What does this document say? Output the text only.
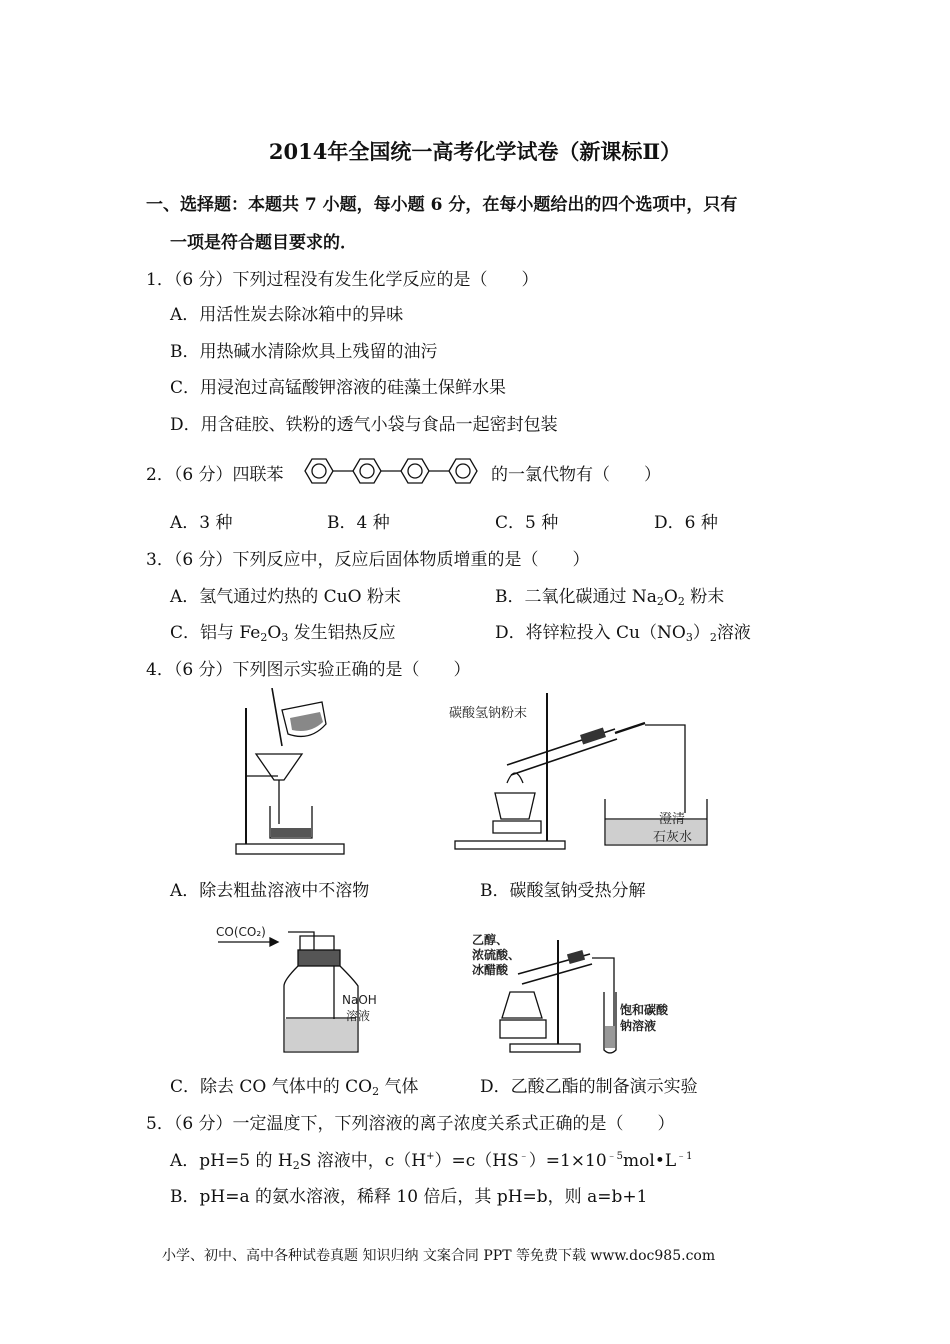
2014年全国统一高考化学试卷（新课标Ⅱ）
一、选择题：本题共 7 小题，每小题 6 分，在每小题给出的四个选项中，只有
一项是符合题目要求的．
1．（6 分）下列过程没有发生化学反应的是（　　）
A．用活性炭去除冰箱中的异味
B．用热碱水清除炊具上残留的油污
C．用浸泡过高锰酸钾溶液的硅藻土保鲜水果
D．用含硅胶、铁粉的透气小袋与食品一起密封包装
2．（6 分）四联苯	的一氯代物有（　　）
A．3 种	B．4 种	C．5 种	D．6 种
3．（6 分）下列反应中，反应后固体物质增重的是（　　）
A．氢气通过灼热的 CuO 粉末	B．二氧化碳通过 $Na_2O_2$ 粉末
C．铝与 $Fe_2O_3$ 发生铝热反应	D．将锌粒投入 $Cu(NO_3)_2$溶液
4．（6 分）下列图示实验正确的是（　　）
碳酸氢钠粉末
澄清
石灰水
A．除去粗盐溶液中不溶物	B．碳酸氢钠受热分解
CO(CO₂)
NaOH
溶液
乙醇、
浓硫酸、
冰醋酸
饱和碳酸
钠溶液
C．除去 CO 气体中的 $CO_2$ 气体	D．乙酸乙酯的制备演示实验
5．（6 分）一定温度下，下列溶液的离子浓度关系式正确的是（　　）
A．pH=5 的 $H_2S$ 溶液中，$c(H^+)=c(HS^﹣)=1\times 10^{﹣5}mol•L^{﹣1}$
B．pH=a 的氨水溶液，稀释 10 倍后，其 pH=b，则 a=b+1
小学、初中、高中各种试卷真题 知识归纳 文案合同 PPT 等免费下载 www.doc985.com
